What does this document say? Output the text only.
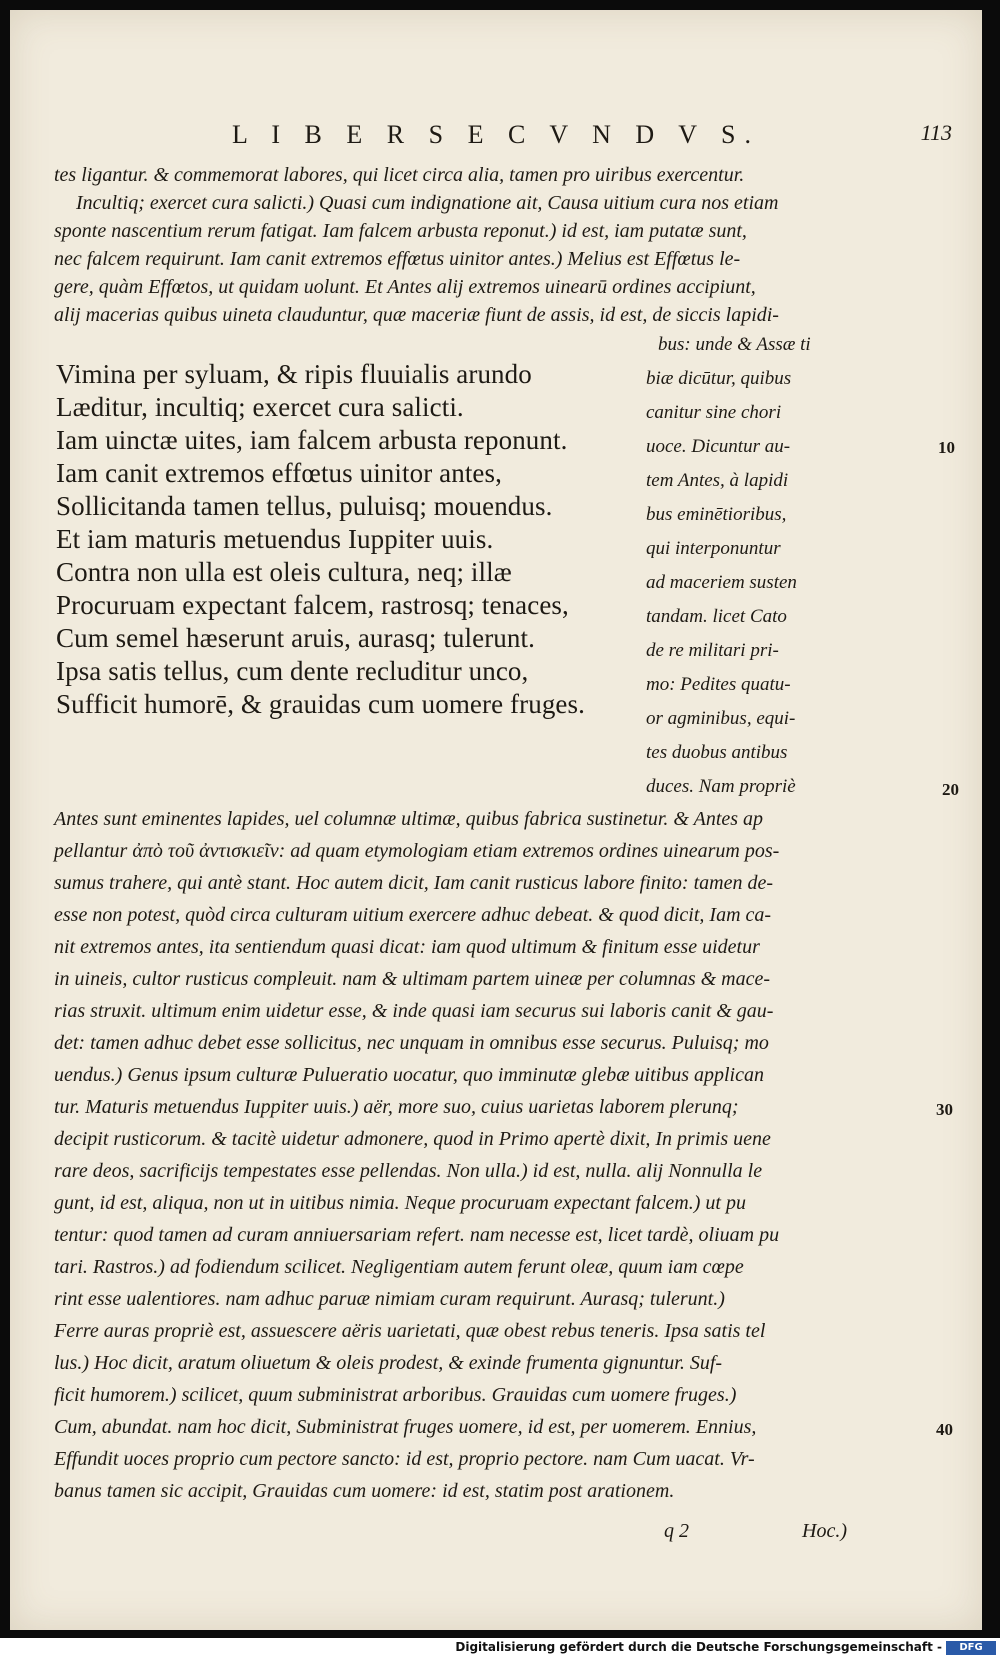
L I B E R S E C V N D V S.	113
tes ligantur. & commemorat labores, qui licet circa alia, tamen pro uiribus exercentur.
Incultiq; exercet cura salicti.) Quasi cum indignatione ait, Causa uitium cura nos etiam
sponte nascentium rerum fatigat. Iam falcem arbusta reponut.) id est, iam putatæ sunt,
nec falcem requirunt. Iam canit extremos effœtus uinitor antes.) Melius est Effœtus le-
gere, quàm Effœtos, ut quidam uolunt. Et Antes alij extremos uinearū ordines accipiunt,
alij macerias quibus uineta clauduntur, quæ maceriæ fiunt de assis, id est, de siccis lapidi-
Vimina per syluam, & ripis fluuialis arundo
Læditur, incultiq; exercet cura salicti.
Iam uinctæ uites, iam falcem arbusta reponunt.
Iam canit extremos effœtus uinitor antes,
Sollicitanda tamen tellus, puluisq; mouendus.
Et iam maturis metuendus Iuppiter uuis.
Contra non ulla est oleis cultura, neq; illæ
Procuruam expectant falcem, rastrosq; tenaces,
Cum semel hæserunt aruis, aurasq; tulerunt.
Ipsa satis tellus, cum dente recluditur unco,
Sufficit humorē, & grauidas cum uomere fruges.
bus: unde & Assæ ti
biæ dicūtur, quibus
canitur sine chori
uoce. Dicuntur au-
tem Antes, à lapidi
bus eminētioribus,
qui interponuntur
ad maceriem susten
tandam. licet Cato
de re militari pri-
mo: Pedites quatu-
or agminibus, equi-
tes duobus antibus
duces. Nam propriè
Antes sunt eminentes lapides, uel columnæ ultimæ, quibus fabrica sustinetur. & Antes ap
pellantur ἀπὸ τοῦ ἀντισκιεῖν: ad quam etymologiam etiam extremos ordines uinearum pos-
sumus trahere, qui antè stant. Hoc autem dicit, Iam canit rusticus labore finito: tamen de-
esse non potest, quòd circa culturam uitium exercere adhuc debeat. & quod dicit, Iam ca-
nit extremos antes, ita sentiendum quasi dicat: iam quod ultimum & finitum esse uidetur
in uineis, cultor rusticus compleuit. nam & ultimam partem uineæ per columnas & mace-
rias struxit. ultimum enim uidetur esse, & inde quasi iam securus sui laboris canit & gau-
det: tamen adhuc debet esse sollicitus, nec unquam in omnibus esse securus. Puluisq; mo
uendus.) Genus ipsum culturæ Pulueratio uocatur, quo imminutæ glebæ uitibus applican
tur. Maturis metuendus Iuppiter uuis.) aër, more suo, cuius uarietas laborem plerunq;
decipit rusticorum. & tacitè uidetur admonere, quod in Primo apertè dixit, In primis uene
rare deos, sacrificijs tempestates esse pellendas. Non ulla.) id est, nulla. alij Nonnulla le
gunt, id est, aliqua, non ut in uitibus nimia. Neque procuruam expectant falcem.) ut pu
tentur: quod tamen ad curam anniuersariam refert. nam necesse est, licet tardè, oliuam pu
tari. Rastros.) ad fodiendum scilicet. Negligentiam autem ferunt oleæ, quum iam cœpe
rint esse ualentiores. nam adhuc paruæ nimiam curam requirunt. Aurasq; tulerunt.)
Ferre auras propriè est, assuescere aëris uarietati, quæ obest rebus teneris. Ipsa satis tel
lus.) Hoc dicit, aratum oliuetum & oleis prodest, & exinde frumenta gignuntur. Suf-
ficit humorem.) scilicet, quum subministrat arboribus. Grauidas cum uomere fruges.)
Cum, abundat. nam hoc dicit, Subministrat fruges uomere, id est, per uomerem. Ennius,
Effundit uoces proprio cum pectore sancto: id est, proprio pectore. nam Cum uacat. Vr-
banus tamen sic accipit, Grauidas cum uomere: id est, statim post arationem.
10
20
30
40
q 2	Hoc.)
Digitalisierung gefördert durch die Deutsche Forschungsgemeinschaft -	DFG
